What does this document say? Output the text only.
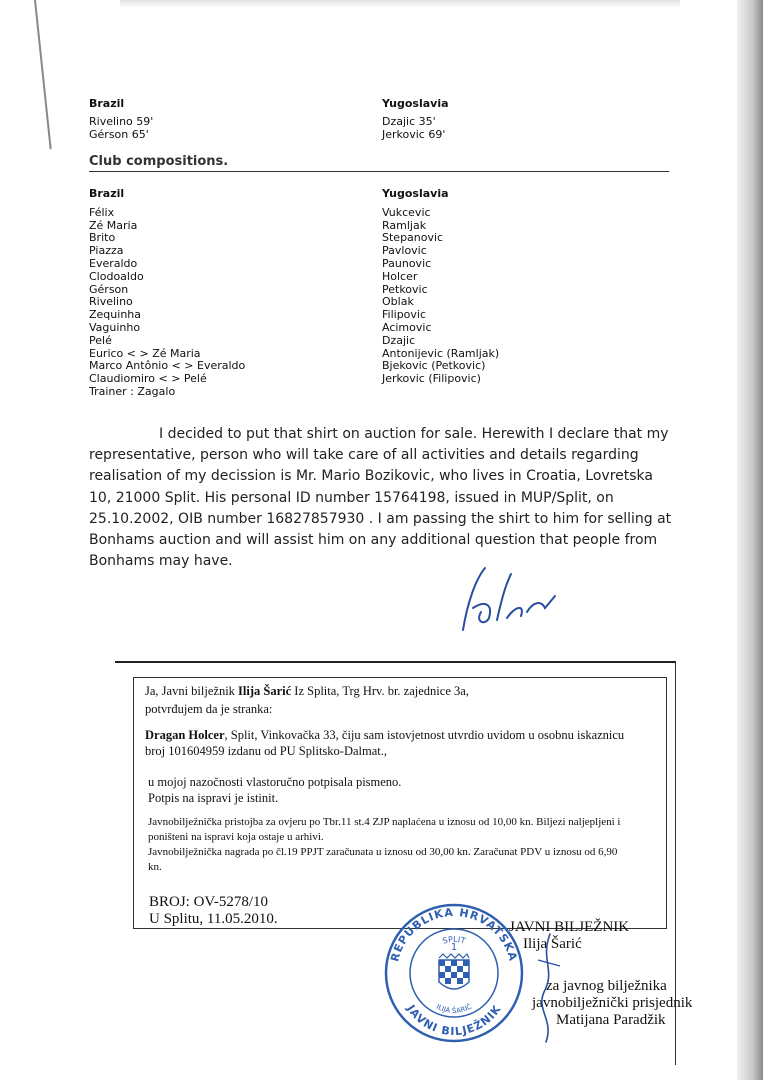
Brazil
Rivelino 59'
Gérson 65'
Yugoslavia
Dzajic 35'
Jerkovic 69'
Club compositions.
Brazil
Félix
Zé Maria
Brito
Piazza
Everaldo
Clodoaldo
Gérson
Rivelino
Zequinha
Vaguinho
Pelé
Eurico < > Zé Maria
Marco Antônio < > Everaldo
Claudiomiro < > Pelé
Trainer : Zagalo
Yugoslavia
Vukcevic
Ramljak
Stepanovic
Pavlovic
Paunovic
Holcer
Petkovic
Oblak
Filipovic
Acimovic
Dzajic
Antonijevic (Ramljak)
Bjekovic (Petkovic)
Jerkovic (Filipovic)
I decided to put that shirt on auction for sale. Herewith I declare that my representative, person who will take care of all activities and details regarding realisation of my decission is Mr. Mario Bozikovic, who lives in Croatia, Lovretska 10, 21000 Split. His personal ID number 15764198, issued in MUP/Split, on 25.10.2002, OIB number 16827857930 . I am passing the shirt to him for selling at Bonhams auction and will assist him on any additional question that people from Bonhams may have.
Ja, Javni bilježnik Ilija Šarić Iz Splita, Trg Hrv. br. zajednice 3a,
potvrđujem da je stranka:
Dragan Holcer, Split, Vinkovačka 33, čiju sam istovjetnost utvrdio uvidom u osobnu iskaznicu
broj 101604959 izdanu od PU Splitsko-Dalmat.,
u mojoj nazočnosti vlastoručno potpisala pismeno.
Potpis na ispravi je istinit.
Javnobilježnička pristojba za ovjeru po Tbr.11 st.4 ZJP naplaćena u iznosu od 10,00 kn. Biljezi naljepljeni i
poništeni na ispravi koja ostaje u arhivi.
Javnobilježnička nagrada po čl.19 PPJT zaračunata u iznosu od 30,00 kn. Zaračunat PDV u iznosu od 6,90
kn.
BROJ: OV-5278/10
U Splitu, 11.05.2010.	JAVNI BILJEŽNIK
Ilija Šarić
za javnog bilježnika
javnobilježnički prisjednik
Matijana Paradžik
REPUBLIKA HRVATSKA
JAVNI BILJEŽNIK
SPLIT
ILIJA ŠARIĆ
1
